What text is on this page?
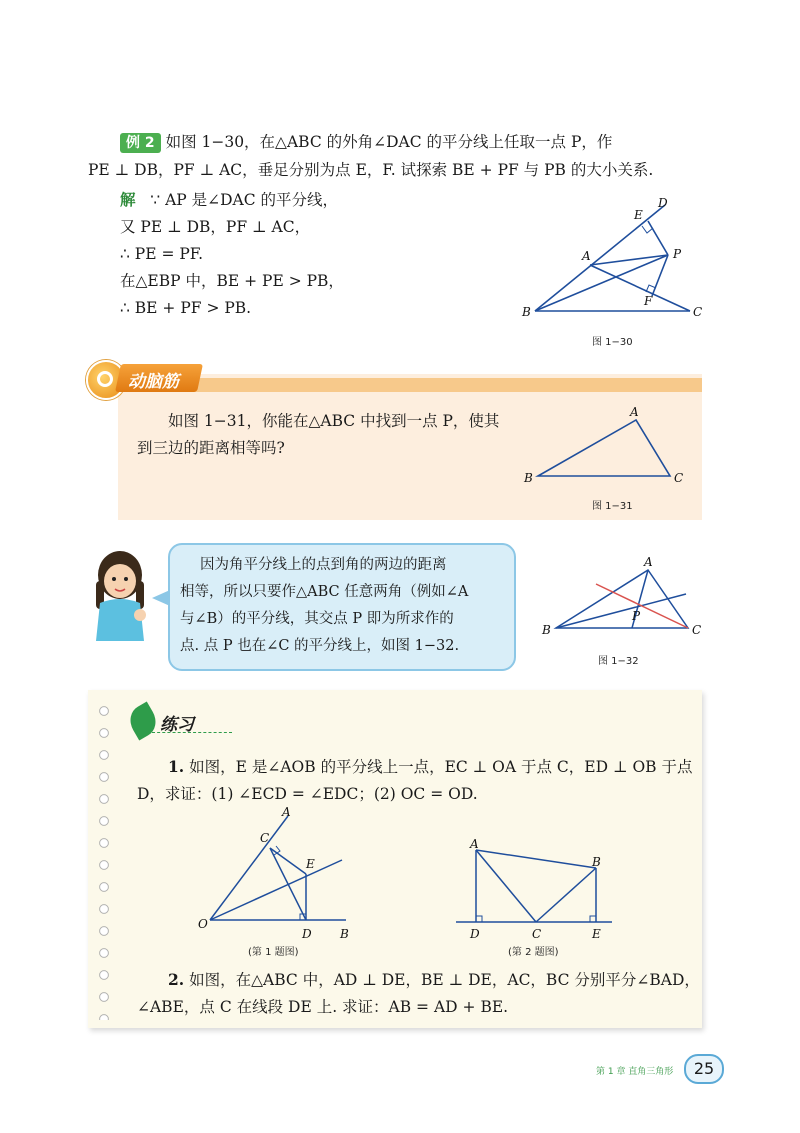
例 2 如图 1−30，在△ABC 的外角∠DAC 的平分线上任取一点 P，作
PE ⊥ DB，PF ⊥ AC，垂足分别为点 E，F. 试探索 BE + PF 与 PB 的大小关系.
解 ∵ AP 是∠DAC 的平分线，
又 PE ⊥ DB，PF ⊥ AC，
∴ PE = PF.
在△EBP 中，BE + PE > PB，
∴ BE + PF > PB.
D
E
A	P
F
B	C
图 1−30
动脑筋
如图 1−31，你能在△ABC 中找到一点 P，使其
到三边的距离相等吗?
A
B	C
图 1−31
因为角平分线上的点到角的两边的距离
相等，所以只要作△ABC 任意两角（例如∠A
与∠B）的平分线，其交点 P 即为所求作的
点. 点 P 也在∠C 的平分线上，如图 1−32.
A
B	C
P
图 1−32
练习
1. 如图，E 是∠AOB 的平分线上一点，EC ⊥ OA 于点 C，ED ⊥ OB 于点
D，求证：(1) ∠ECD = ∠EDC；(2) OC = OD.
A
C
E
O
D B
(第 1 题图)
A
B
D	C	E
(第 2 题图)
2. 如图，在△ABC 中，AD ⊥ DE，BE ⊥ DE，AC，BC 分别平分∠BAD，
∠ABE，点 C 在线段 DE 上. 求证：AB = AD + BE.
第 1 章 直角三角形	25
